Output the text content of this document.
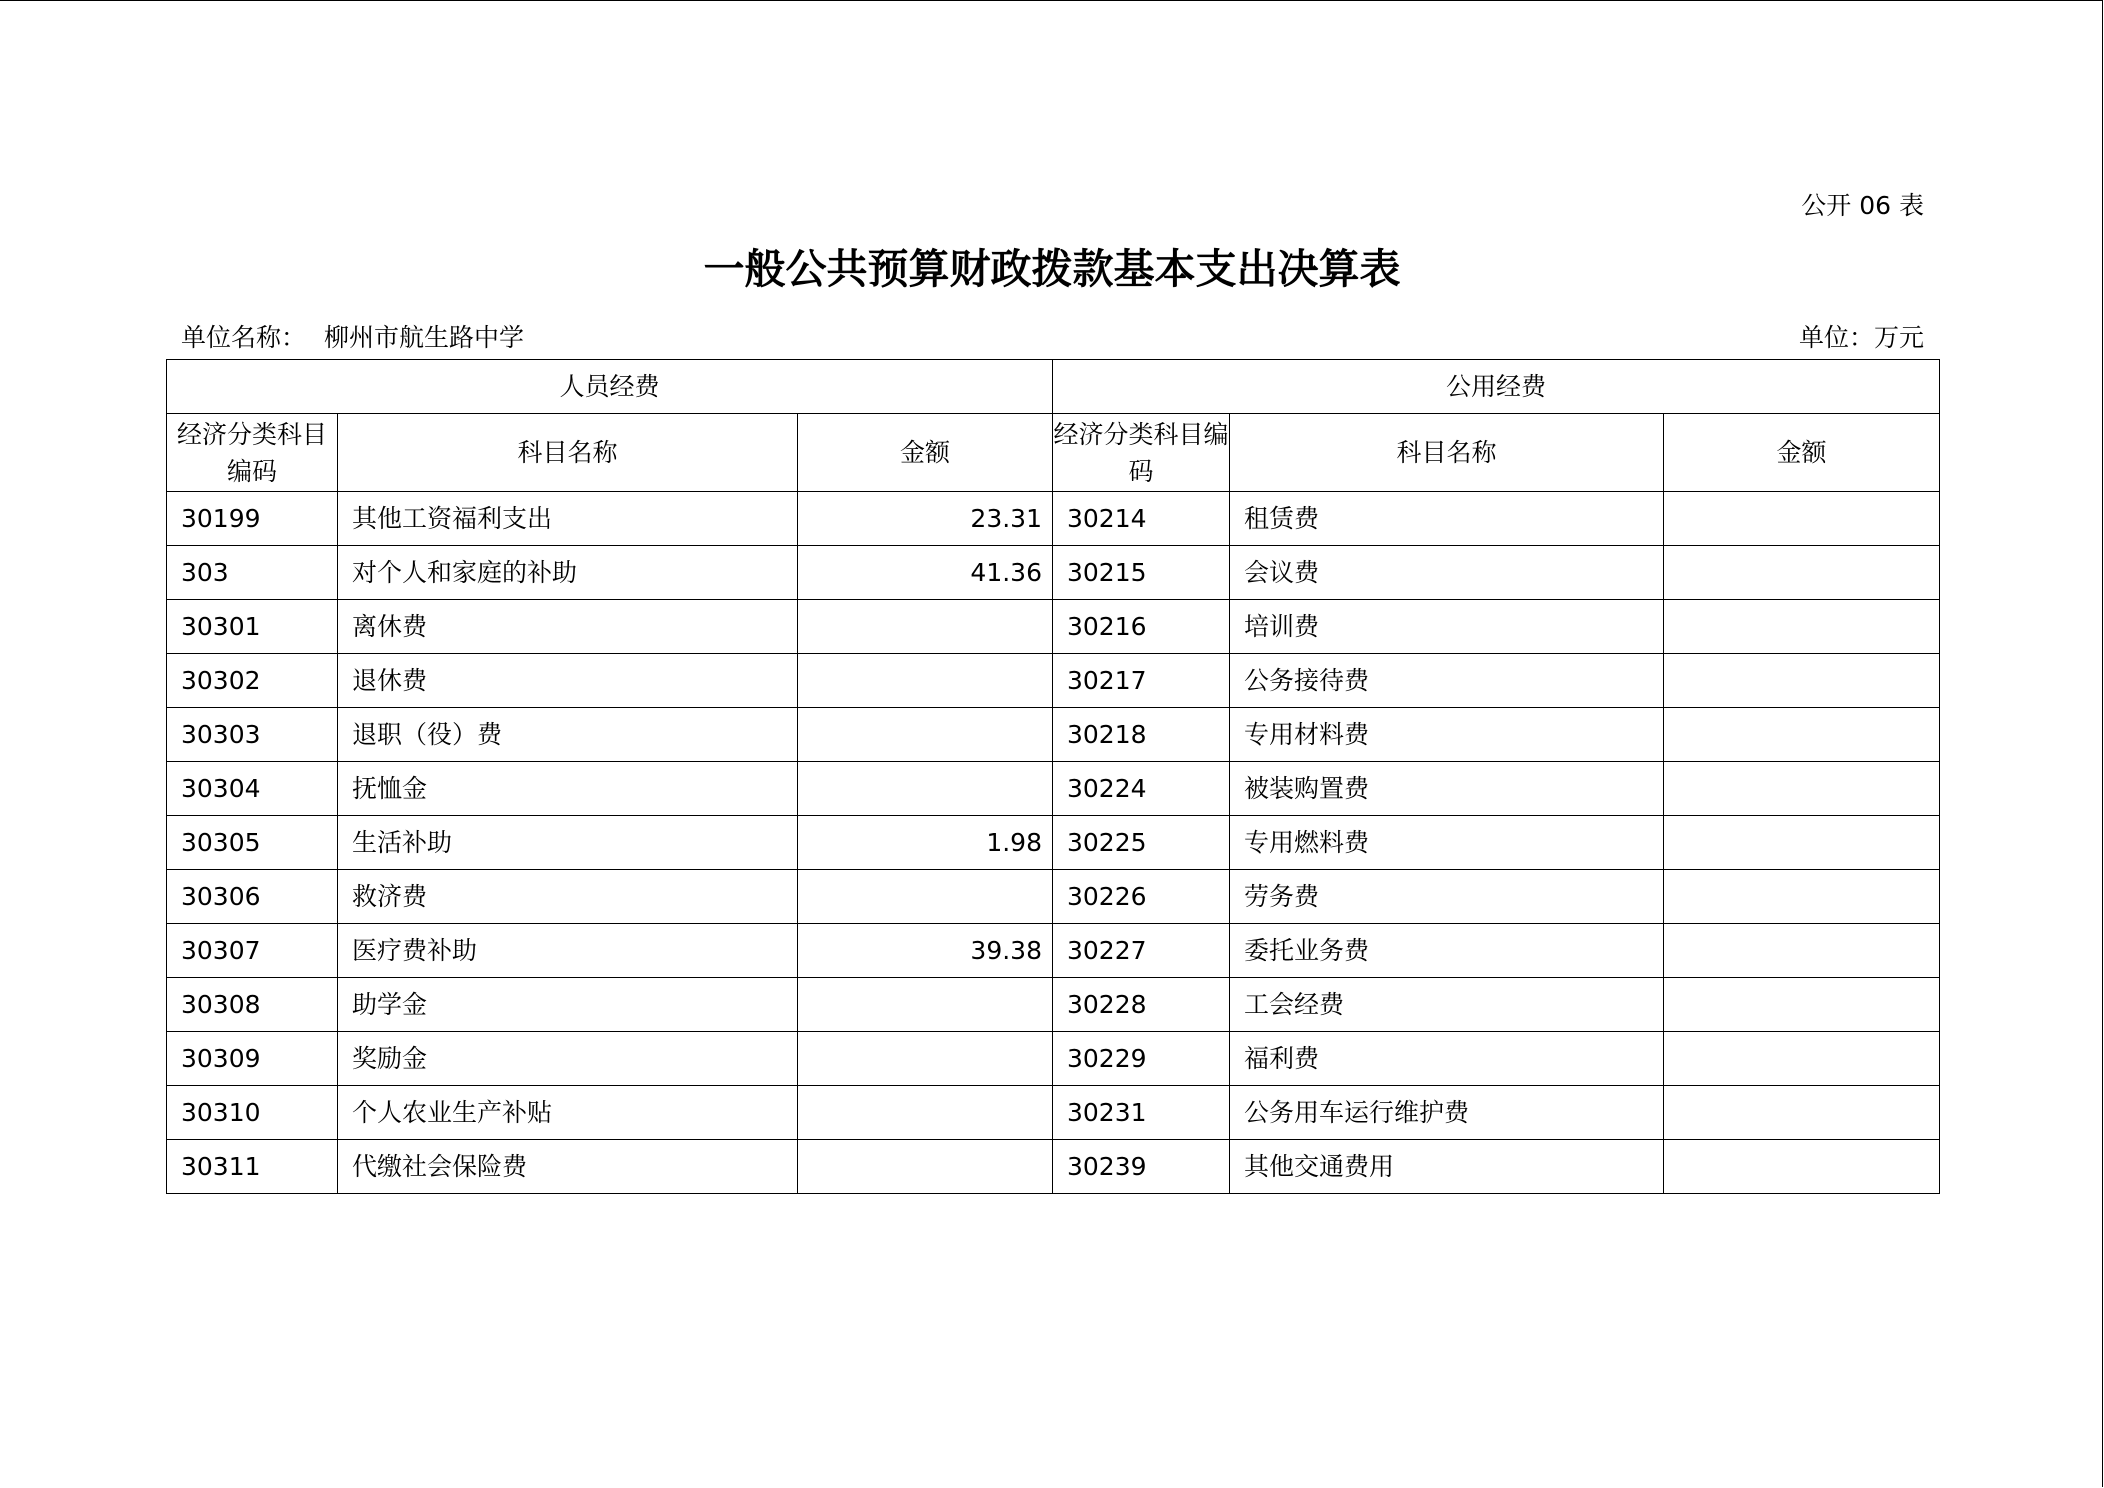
公开 06 表
一般公共预算财政拨款基本支出决算表
单位名称： 柳州市航生路中学	单位：万元
人员经费			公用经费		
经济分类科目编码	科目名称	金额	经济分类科目编码	科目名称	金额
30199	其他工资福利支出	23.31	30214	租赁费	
303	对个人和家庭的补助	41.36	30215	会议费	
30301	离休费		30216	培训费	
30302	退休费		30217	公务接待费	
30303	退职（役）费		30218	专用材料费	
30304	抚恤金		30224	被装购置费	
30305	生活补助	1.98	30225	专用燃料费	
30306	救济费		30226	劳务费	
30307	医疗费补助	39.38	30227	委托业务费	
30308	助学金		30228	工会经费	
30309	奖励金		30229	福利费	
30310	个人农业生产补贴		30231	公务用车运行维护费	
30311	代缴社会保险费		30239	其他交通费用	
